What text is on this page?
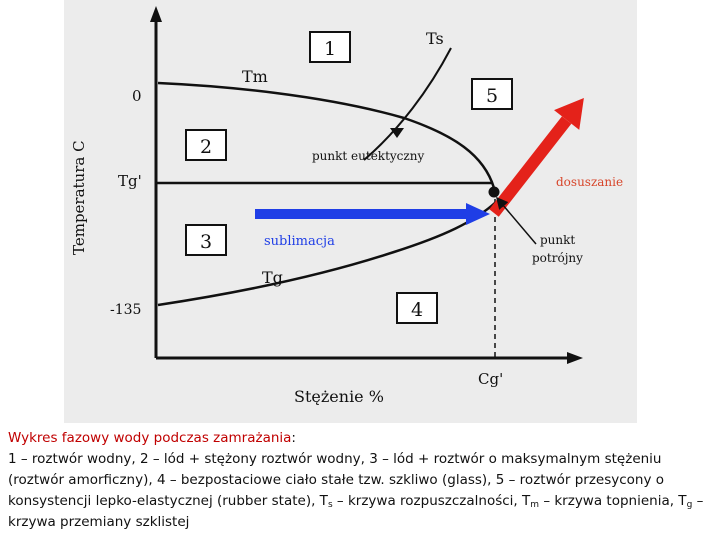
1
5
2
3
4
Ts
Tm
Tg
0
Tg'
-135
Cg'
Temperatura C
Stężenie %
punkt eutektyczny
sublimacja
dosuszanie
punkt
potrójny
Wykres fazowy wody podczas zamrażania:
1 – roztwór wodny, 2 – lód + stężony roztwór wodny, 3 – lód + roztwór o maksymalnym stężeniu (roztwór amorficzny), 4 – bezpostaciowe ciało stałe tzw. szkliwo (glass), 5 – roztwór przesycony o konsystencji lepko-elastycznej (rubber state), $T_s$ – krzywa rozpuszczalności, $T_m$ – krzywa topnienia, $T_g$ – krzywa przemiany szklistej
